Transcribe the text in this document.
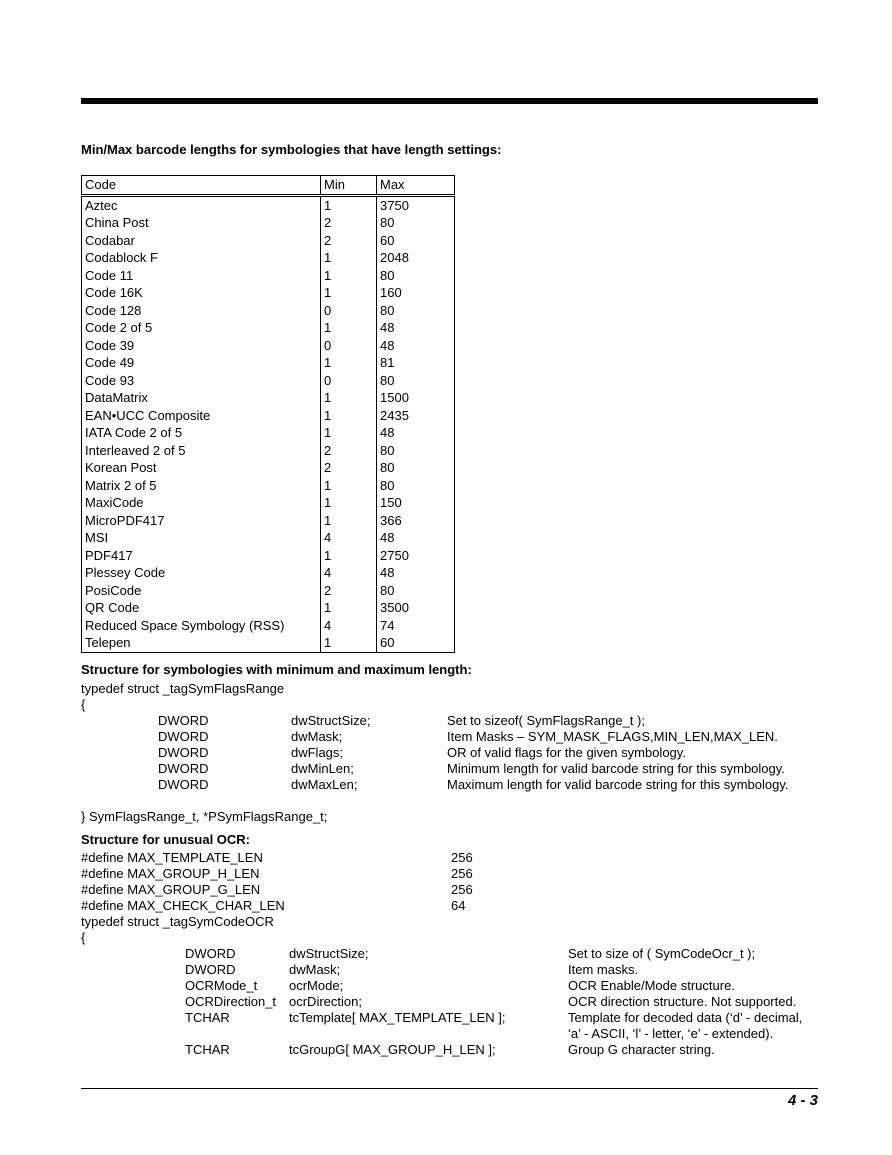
Min/Max barcode lengths for symbologies that have length settings:
Code	Min	Max
Aztec	1	3750
China Post	2	80
Codabar	2	60
Codablock F	1	2048
Code 11	1	80
Code 16K	1	160
Code 128	0	80
Code 2 of 5	1	48
Code 39	0	48
Code 49	1	81
Code 93	0	80
DataMatrix	1	1500
EAN•UCC Composite	1	2435
IATA Code 2 of 5	1	48
Interleaved 2 of 5	2	80
Korean Post	2	80
Matrix 2 of 5	1	80
MaxiCode	1	150
MicroPDF417	1	366
MSI	4	48
PDF417	1	2750
Plessey Code	4	48
PosiCode	2	80
QR Code	1	3500
Reduced Space Symbology (RSS)	4	74
Telepen	1	60
Structure for symbologies with minimum and maximum length:
typedef struct _tagSymFlagsRange
{
DWORD	dwStructSize;	Set to sizeof( SymFlagsRange_t );
DWORD	dwMask;	Item Masks – SYM_MASK_FLAGS,MIN_LEN,MAX_LEN.
DWORD	dwFlags;	OR of valid flags for the given symbology.
DWORD	dwMinLen;	Minimum length for valid barcode string for this symbology.
DWORD	dwMaxLen;	Maximum length for valid barcode string for this symbology.
} SymFlagsRange_t, *PSymFlagsRange_t;
Structure for unusual OCR:
#define MAX_TEMPLATE_LEN	256
#define MAX_GROUP_H_LEN	256
#define MAX_GROUP_G_LEN	256
#define MAX_CHECK_CHAR_LEN	64
typedef struct _tagSymCodeOCR
{
DWORD	dwStructSize;	Set to size of ( SymCodeOcr_t );
DWORD	dwMask;	Item masks.
OCRMode_t ocrMode;	OCR Enable/Mode structure.
OCRDirection_t ocrDirection;	OCR direction structure. Not supported.
TCHAR	tcTemplate[ MAX_TEMPLATE_LEN ];	Template for decoded data (‘d’ - decimal,
‘a’ - ASCII, ‘l’ - letter, ‘e’ - extended).
TCHAR	tcGroupG[ MAX_GROUP_H_LEN ];	Group G character string.
4 - 3
